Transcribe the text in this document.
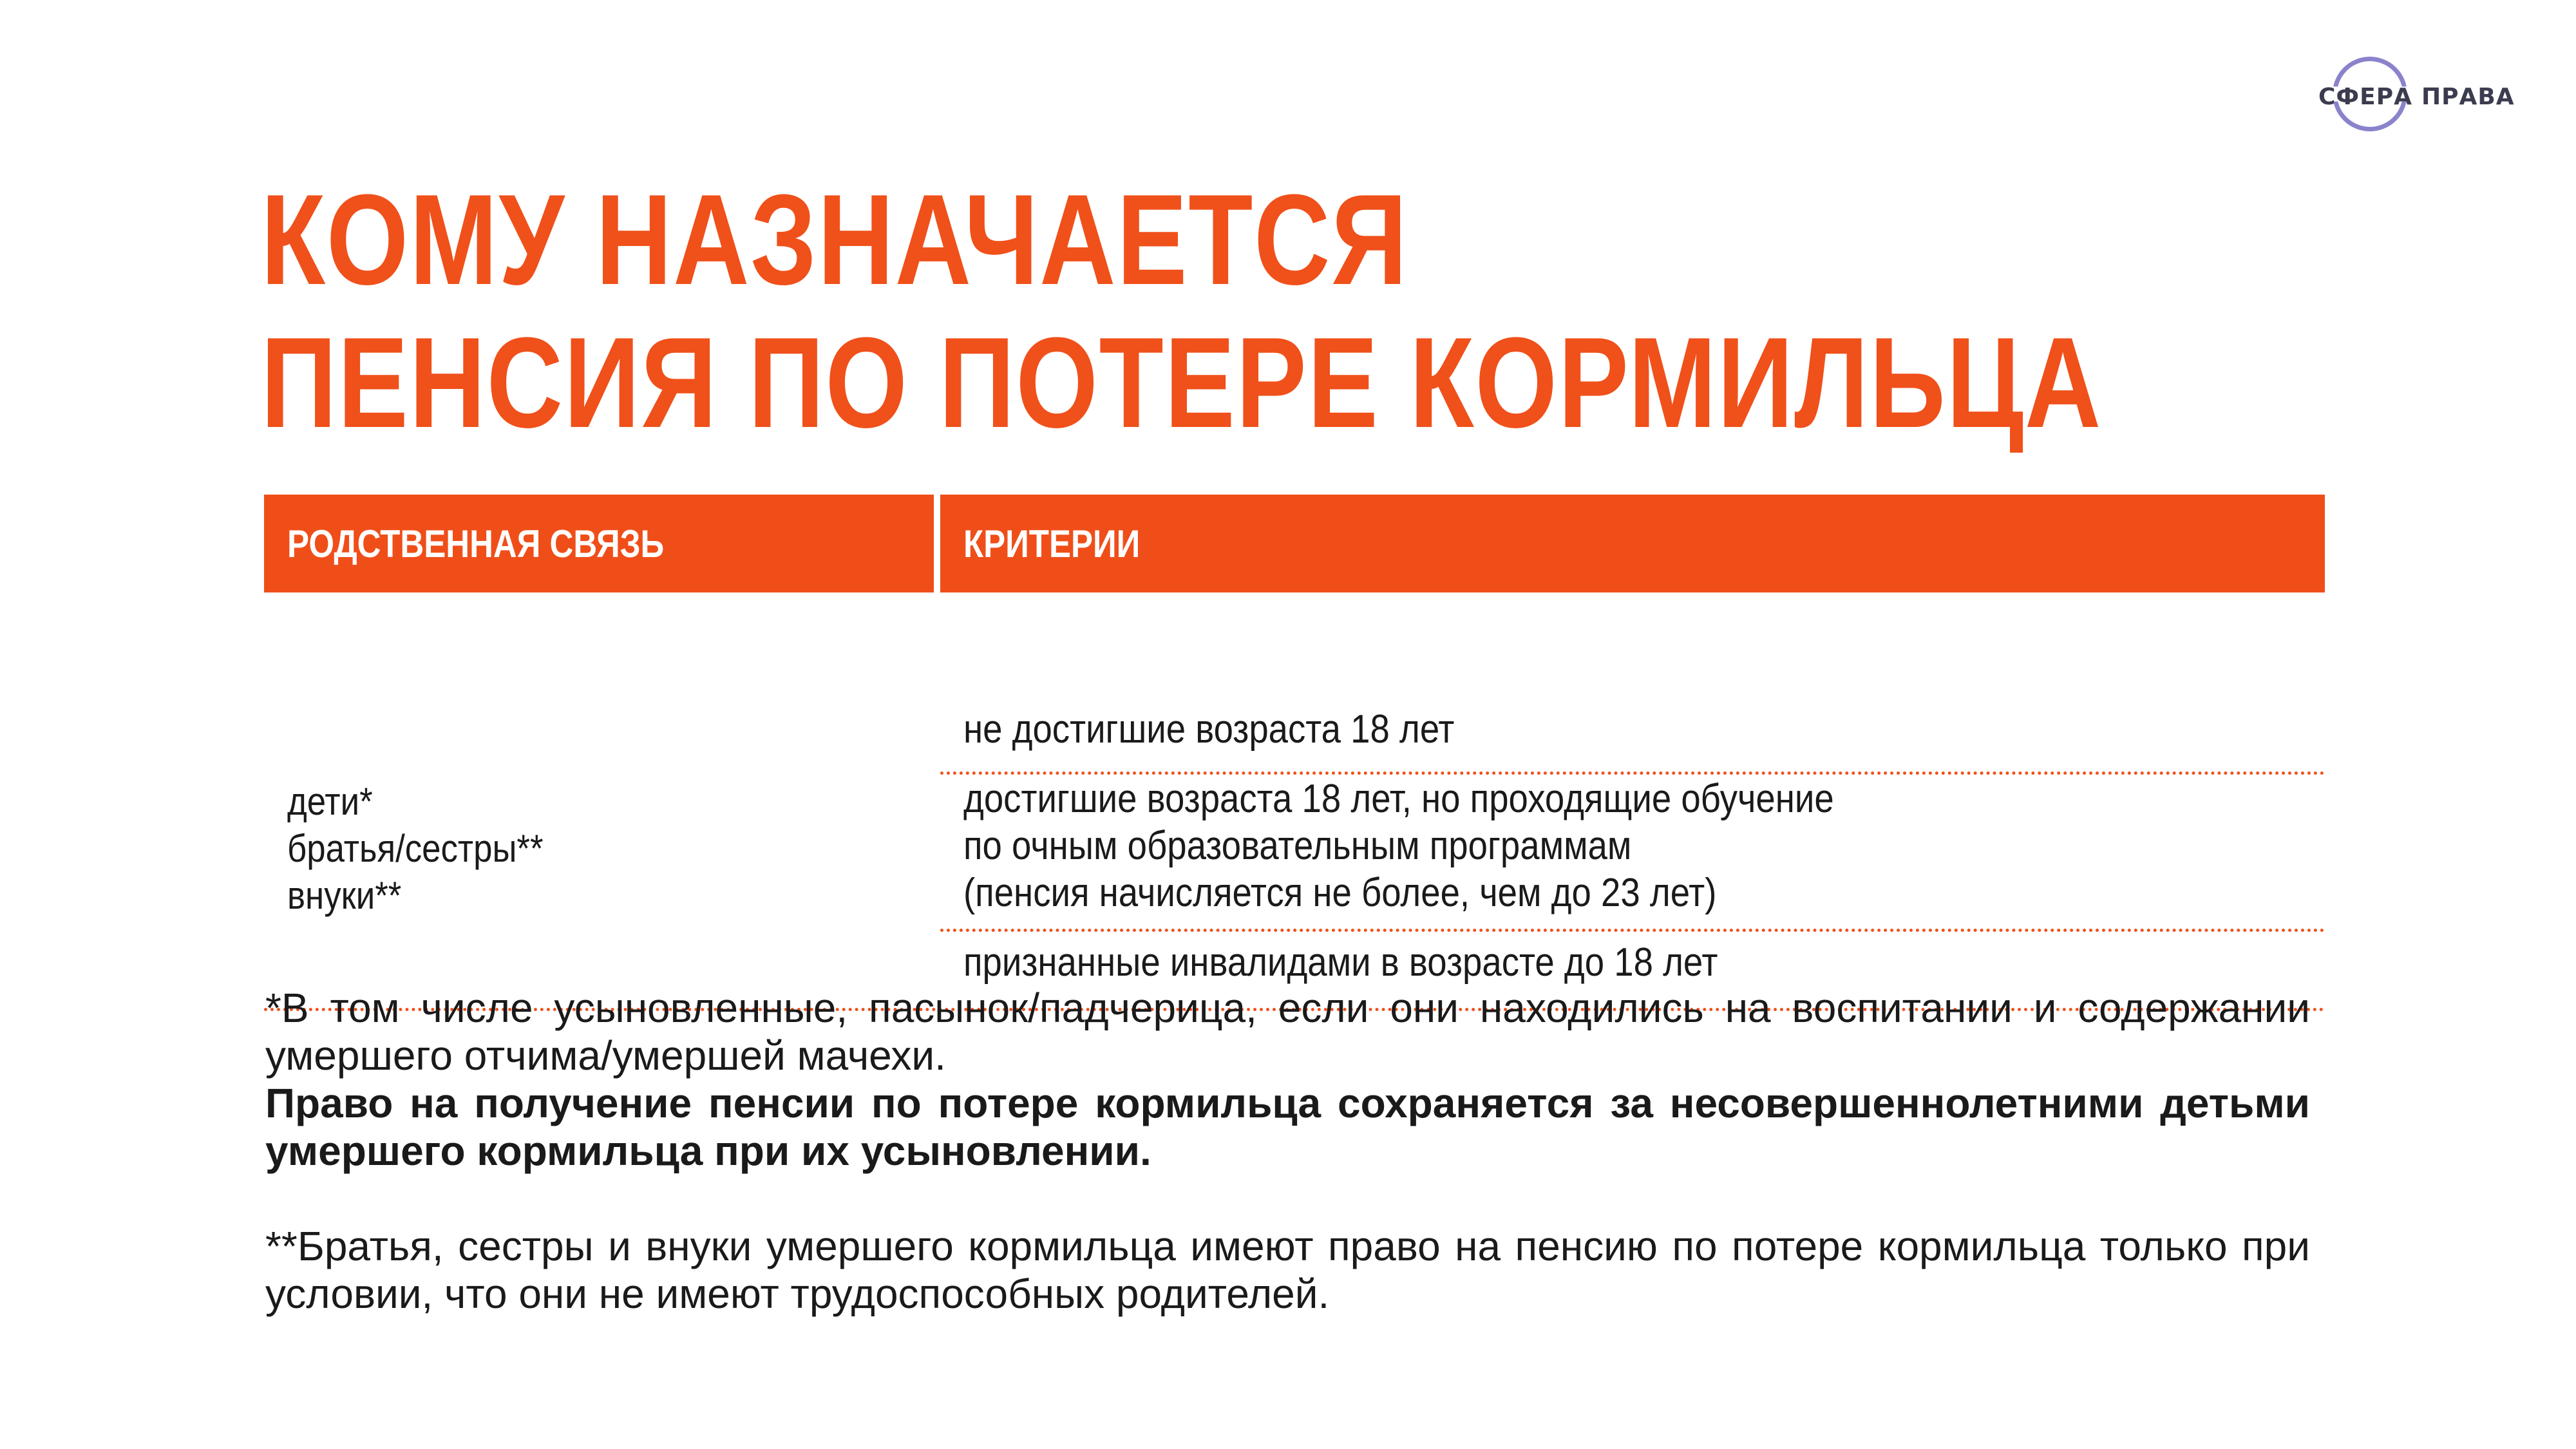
СФЕРА ПРАВА
КОМУ НАЗНАЧАЕТСЯ
ПЕНСИЯ ПО ПОТЕРЕ КОРМИЛЬЦА
РОДСТВЕННАЯ СВЯЗЬ	КРИТЕРИИ
дети*
братья/сестры**
внуки**
не достигшие возраста 18 лет
достигшие возраста 18 лет, но проходящие обучение
по очным образовательным программам
(пенсия начисляется не более, чем до 23 лет)
признанные инвалидами в возрасте до 18 лет

*В том числе усыновленные, пасынок/падчерица, если они находились на воспитании и содержании умершего отчима/умершей мачехи.

Право на получение пенсии по потере кормильца сохраняется за несовершеннолетними детьми умершего кормильца при их усыновлении.

**Братья, сестры и внуки умершего кормильца имеют право на пенсию по потере кормильца только при условии, что они не имеют трудоспособных родителей.
